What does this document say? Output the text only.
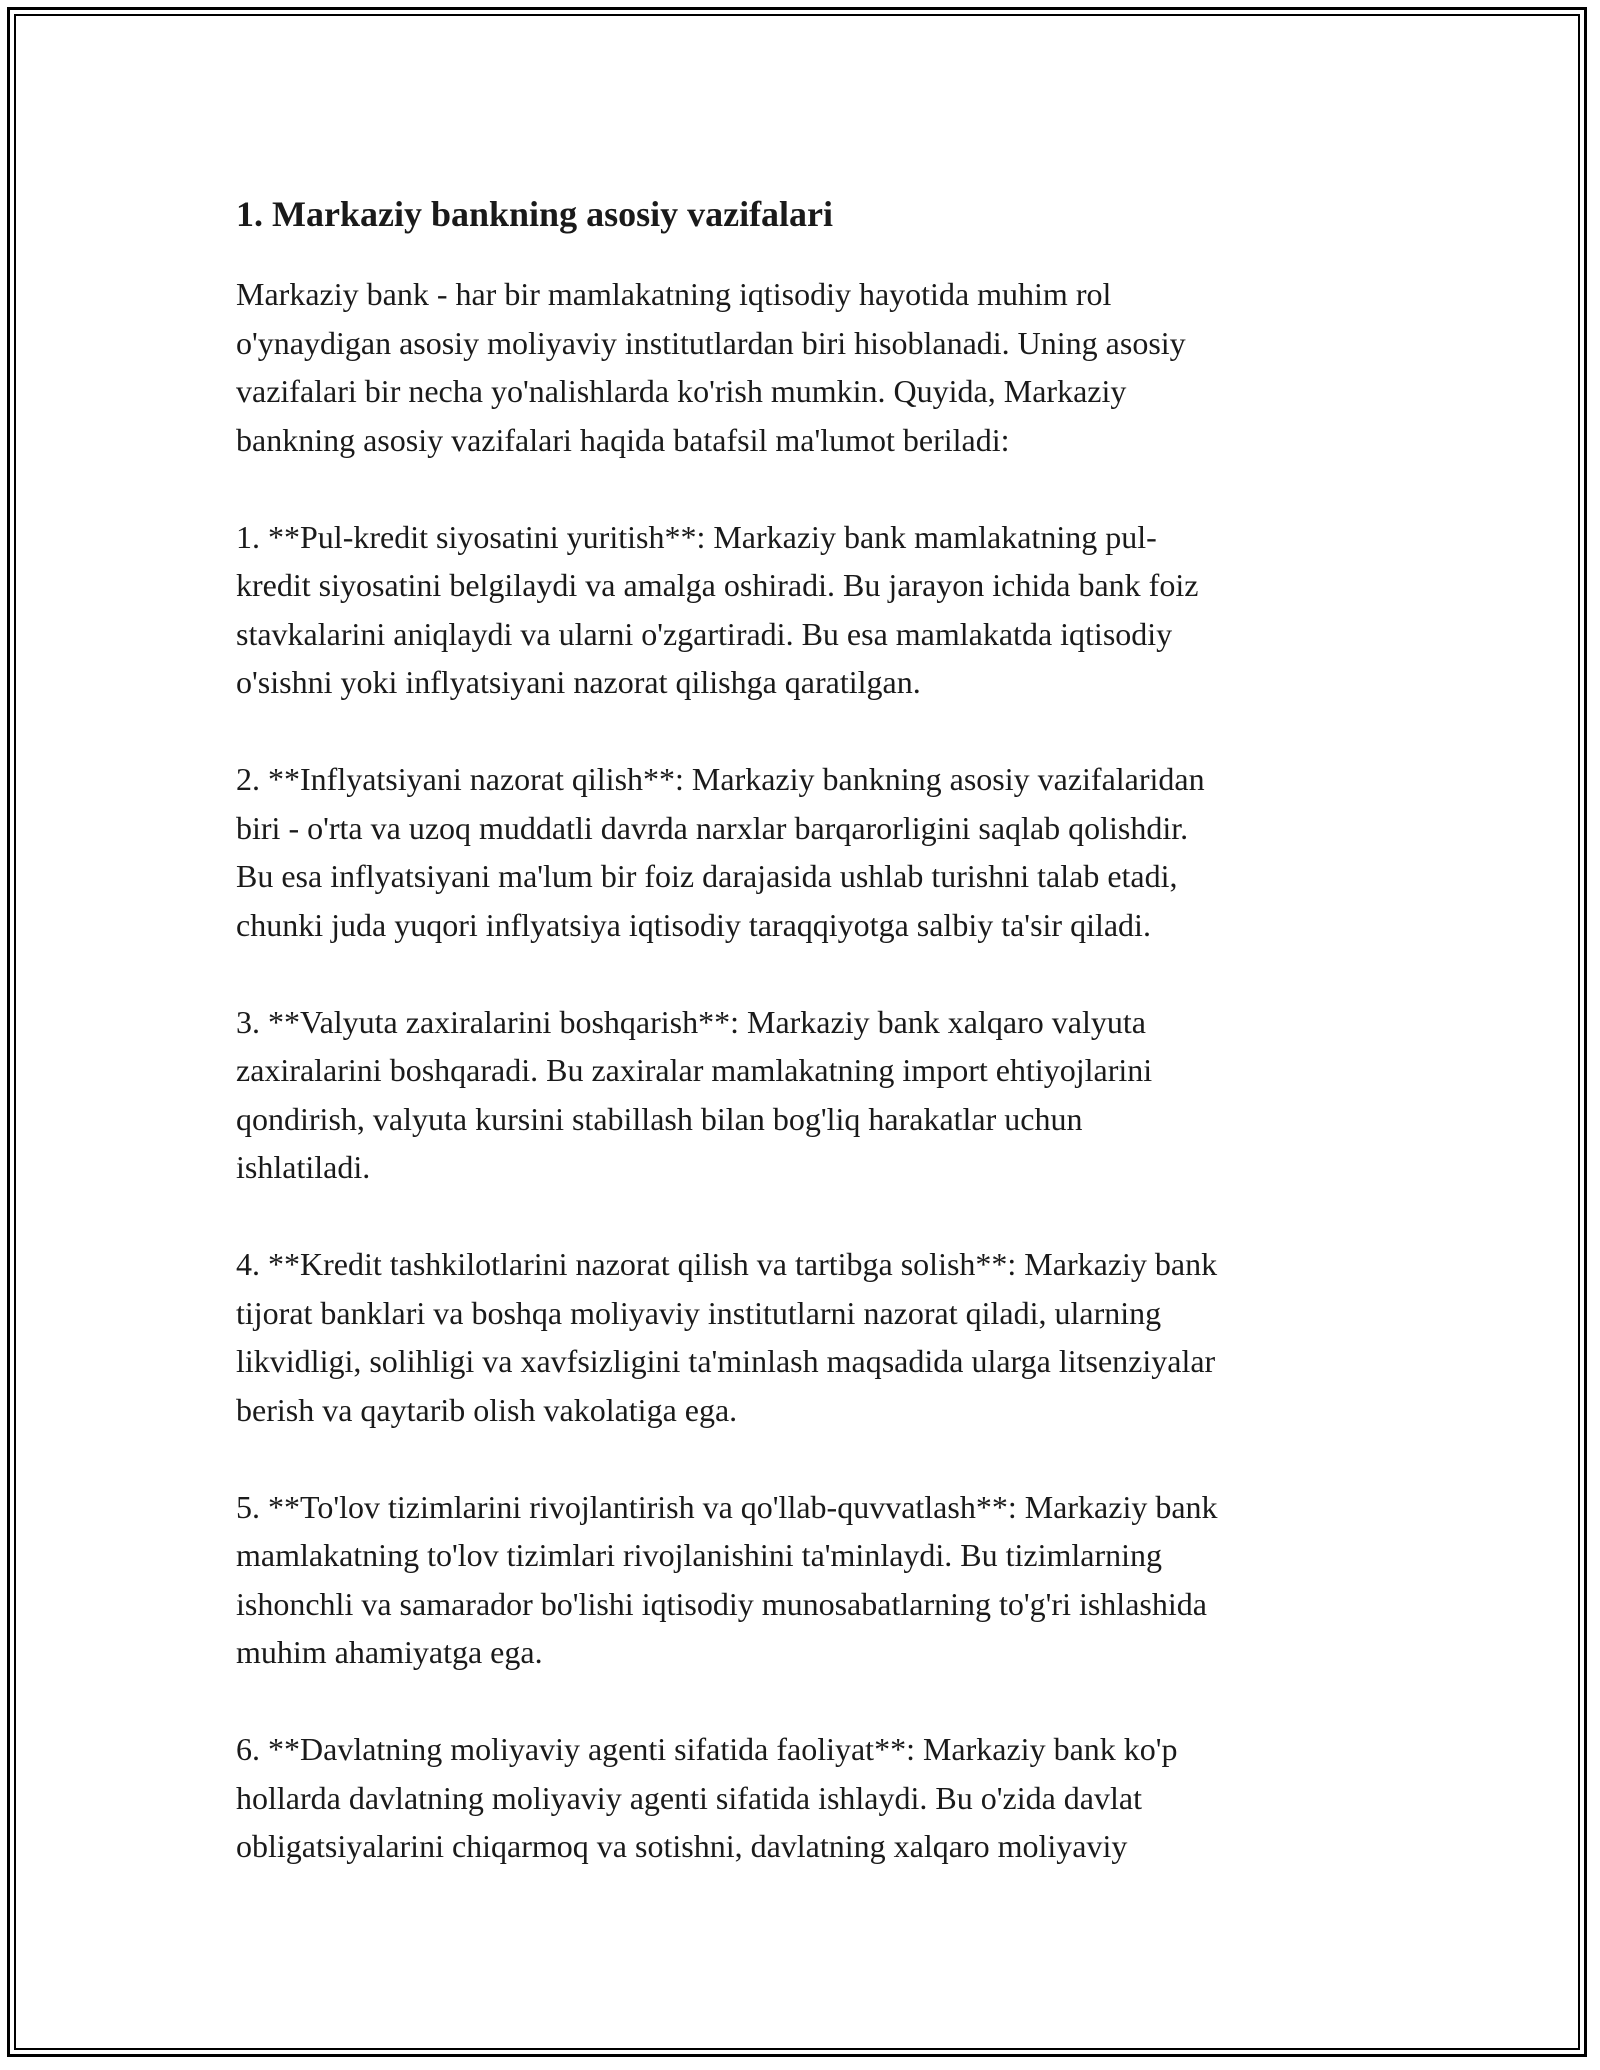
1. Markaziy bankning asosiy vazifalari

Markaziy bank - har bir mamlakatning iqtisodiy hayotida muhim rol
o'ynaydigan asosiy moliyaviy institutlardan biri hisoblanadi. Uning asosiy
vazifalari bir necha yo'nalishlarda ko'rish mumkin. Quyida, Markaziy
bankning asosiy vazifalari haqida batafsil ma'lumot beriladi:

1. **Pul-kredit siyosatini yuritish**: Markaziy bank mamlakatning pul-
kredit siyosatini belgilaydi va amalga oshiradi. Bu jarayon ichida bank foiz
stavkalarini aniqlaydi va ularni o'zgartiradi. Bu esa mamlakatda iqtisodiy
o'sishni yoki inflyatsiyani nazorat qilishga qaratilgan.

2. **Inflyatsiyani nazorat qilish**: Markaziy bankning asosiy vazifalaridan
biri - o'rta va uzoq muddatli davrda narxlar barqarorligini saqlab qolishdir.
Bu esa inflyatsiyani ma'lum bir foiz darajasida ushlab turishni talab etadi,
chunki juda yuqori inflyatsiya iqtisodiy taraqqiyotga salbiy ta'sir qiladi.

3. **Valyuta zaxiralarini boshqarish**: Markaziy bank xalqaro valyuta
zaxiralarini boshqaradi. Bu zaxiralar mamlakatning import ehtiyojlarini
qondirish, valyuta kursini stabillash bilan bog'liq harakatlar uchun
ishlatiladi.

4. **Kredit tashkilotlarini nazorat qilish va tartibga solish**: Markaziy bank
tijorat banklari va boshqa moliyaviy institutlarni nazorat qiladi, ularning
likvidligi, solihligi va xavfsizligini ta'minlash maqsadida ularga litsenziyalar
berish va qaytarib olish vakolatiga ega.

5. **To'lov tizimlarini rivojlantirish va qo'llab-quvvatlash**: Markaziy bank
mamlakatning to'lov tizimlari rivojlanishini ta'minlaydi. Bu tizimlarning
ishonchli va samarador bo'lishi iqtisodiy munosabatlarning to'g'ri ishlashida
muhim ahamiyatga ega.

6. **Davlatning moliyaviy agenti sifatida faoliyat**: Markaziy bank ko'p
hollarda davlatning moliyaviy agenti sifatida ishlaydi. Bu o'zida davlat
obligatsiyalarini chiqarmoq va sotishni, davlatning xalqaro moliyaviy
